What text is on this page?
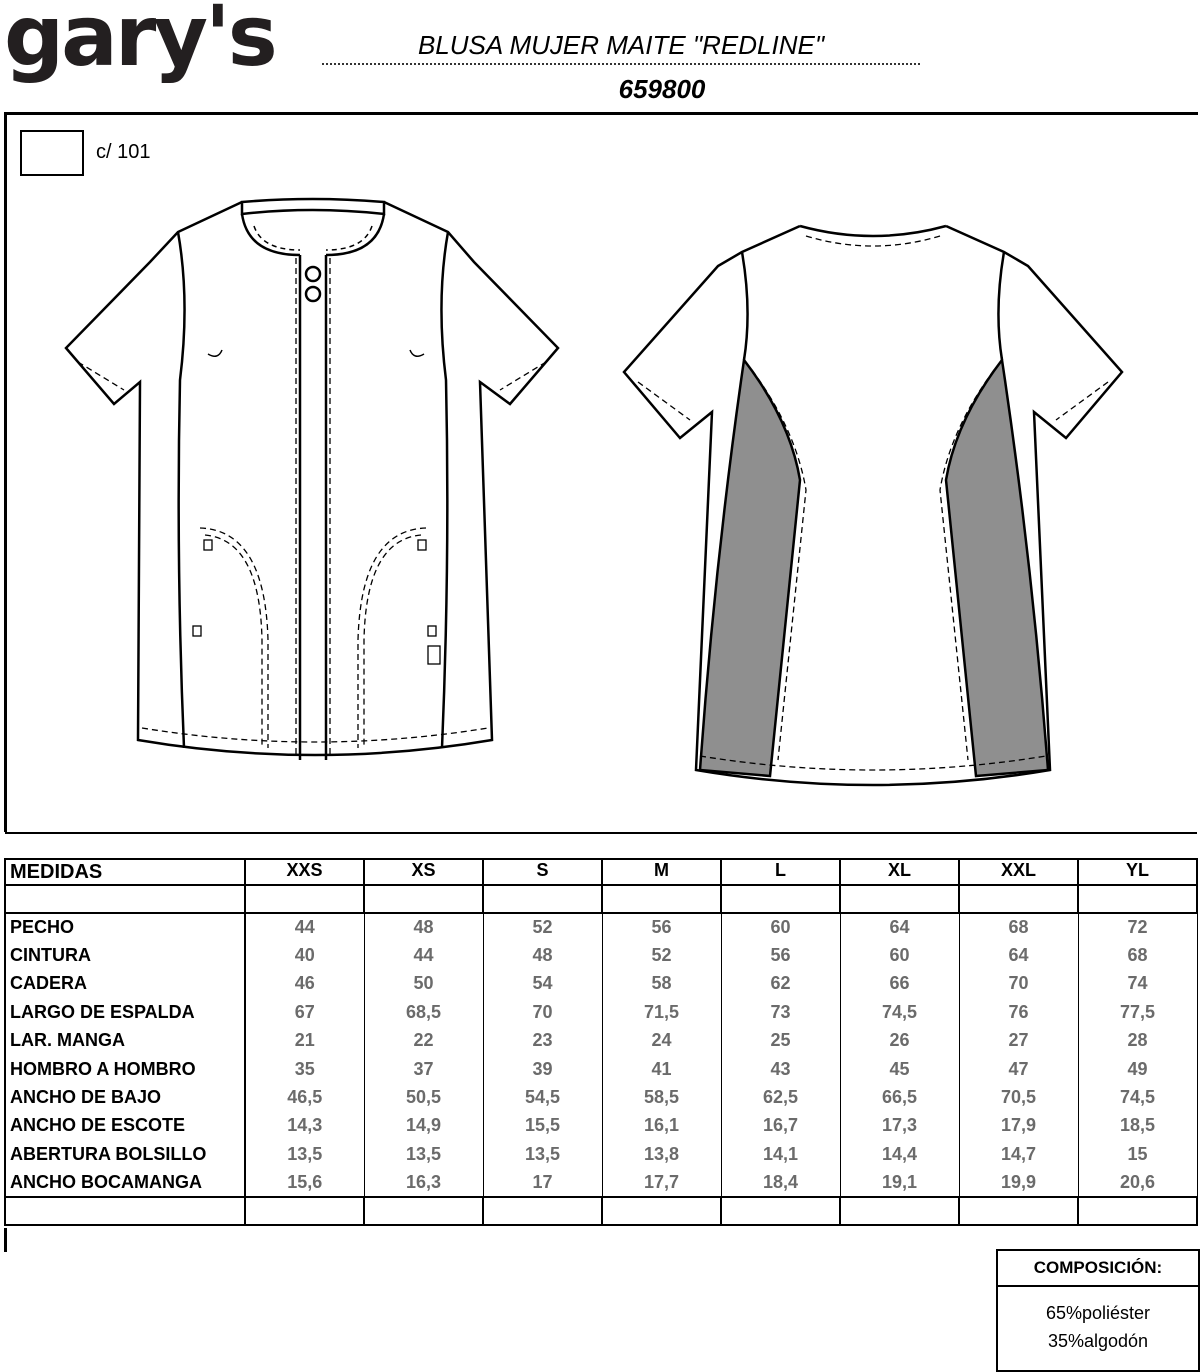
gary's	BLUSA MUJER MAITE "REDLINE"
659800
c/ 101

MEDIDAS	XXS	XS	S	M	L	XL	XXL	YL

PECHO	44	48	52	56	60	64	68	72
CINTURA	40	44	48	52	56	60	64	68
CADERA	46	50	54	58	62	66	70	74
LARGO DE ESPALDA	67	68,5	70	71,5	73	74,5	76	77,5
LAR. MANGA	21	22	23	24	25	26	27	28
HOMBRO A HOMBRO	35	37	39	41	43	45	47	49
ANCHO DE BAJO	46,5	50,5	54,5	58,5	62,5	66,5	70,5	74,5
ANCHO DE ESCOTE	14,3	14,9	15,5	16,1	16,7	17,3	17,9	18,5
ABERTURA BOLSILLO	13,5	13,5	13,5	13,8	14,1	14,4	14,7	15
ANCHO BOCAMANGA	15,6	16,3	17	17,7	18,4	19,1	19,9	20,6

COMPOSICIÓN:
65%poliéster
35%algodón
